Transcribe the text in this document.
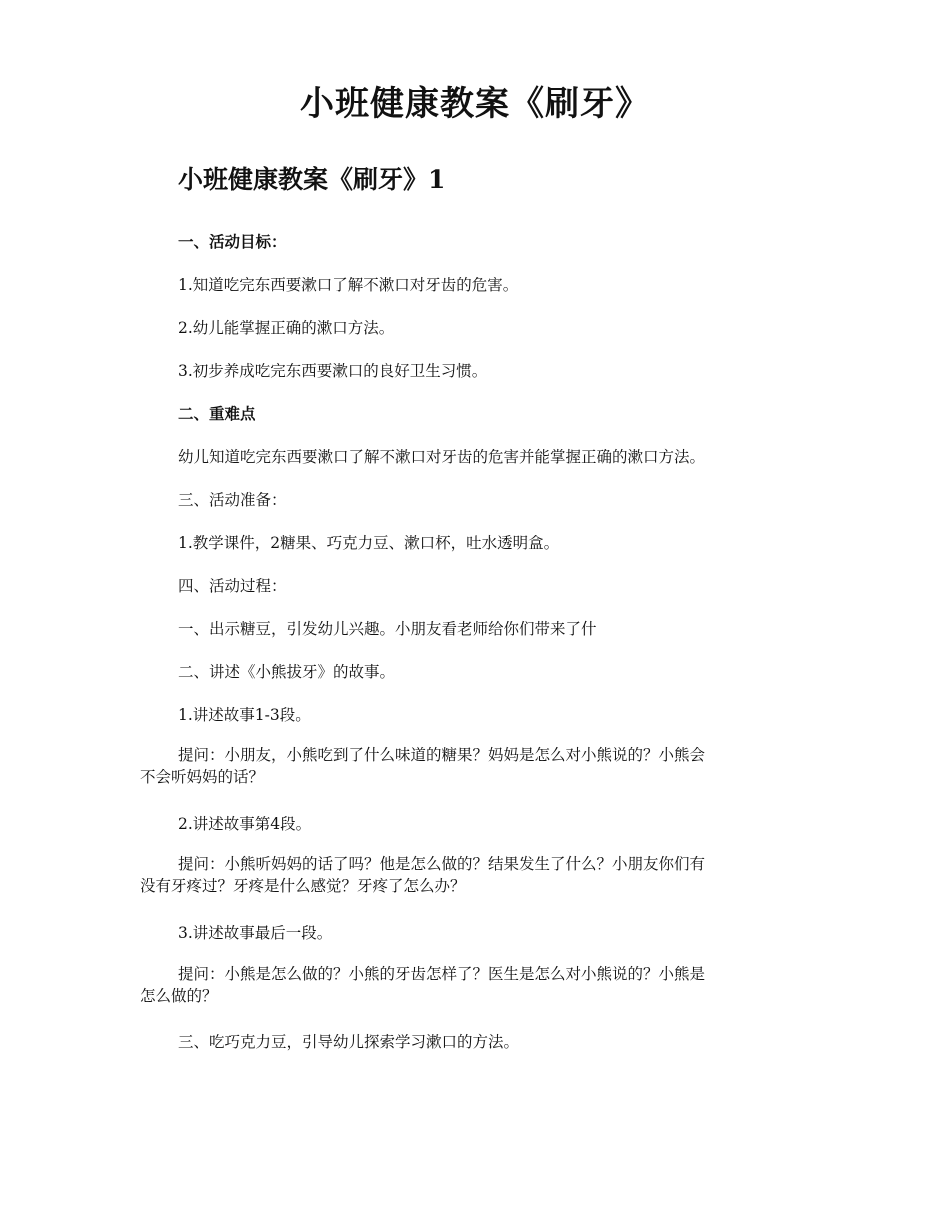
小班健康教案《刷牙》
小班健康教案《刷牙》1
一、活动目标：
1.知道吃完东西要漱口了解不漱口对牙齿的危害。
2.幼儿能掌握正确的漱口方法。
3.初步养成吃完东西要漱口的良好卫生习惯。
二、重难点
幼儿知道吃完东西要漱口了解不漱口对牙齿的危害并能掌握正确的漱口方法。
三、活动准备：
1.教学课件，2糖果、巧克力豆、漱口杯，吐水透明盒。
四、活动过程：
一、出示糖豆，引发幼儿兴趣。小朋友看老师给你们带来了什
二、讲述《小熊拔牙》的故事。
1.讲述故事1-3段。
提问：小朋友，小熊吃到了什么味道的糖果？妈妈是怎么对小熊说的？小熊会
不会听妈妈的话？
2.讲述故事第4段。
提问：小熊听妈妈的话了吗？他是怎么做的？结果发生了什么？小朋友你们有
没有牙疼过？牙疼是什么感觉？牙疼了怎么办？
3.讲述故事最后一段。
提问：小熊是怎么做的？小熊的牙齿怎样了？医生是怎么对小熊说的？小熊是
怎么做的？
三、吃巧克力豆，引导幼儿探索学习漱口的方法。
